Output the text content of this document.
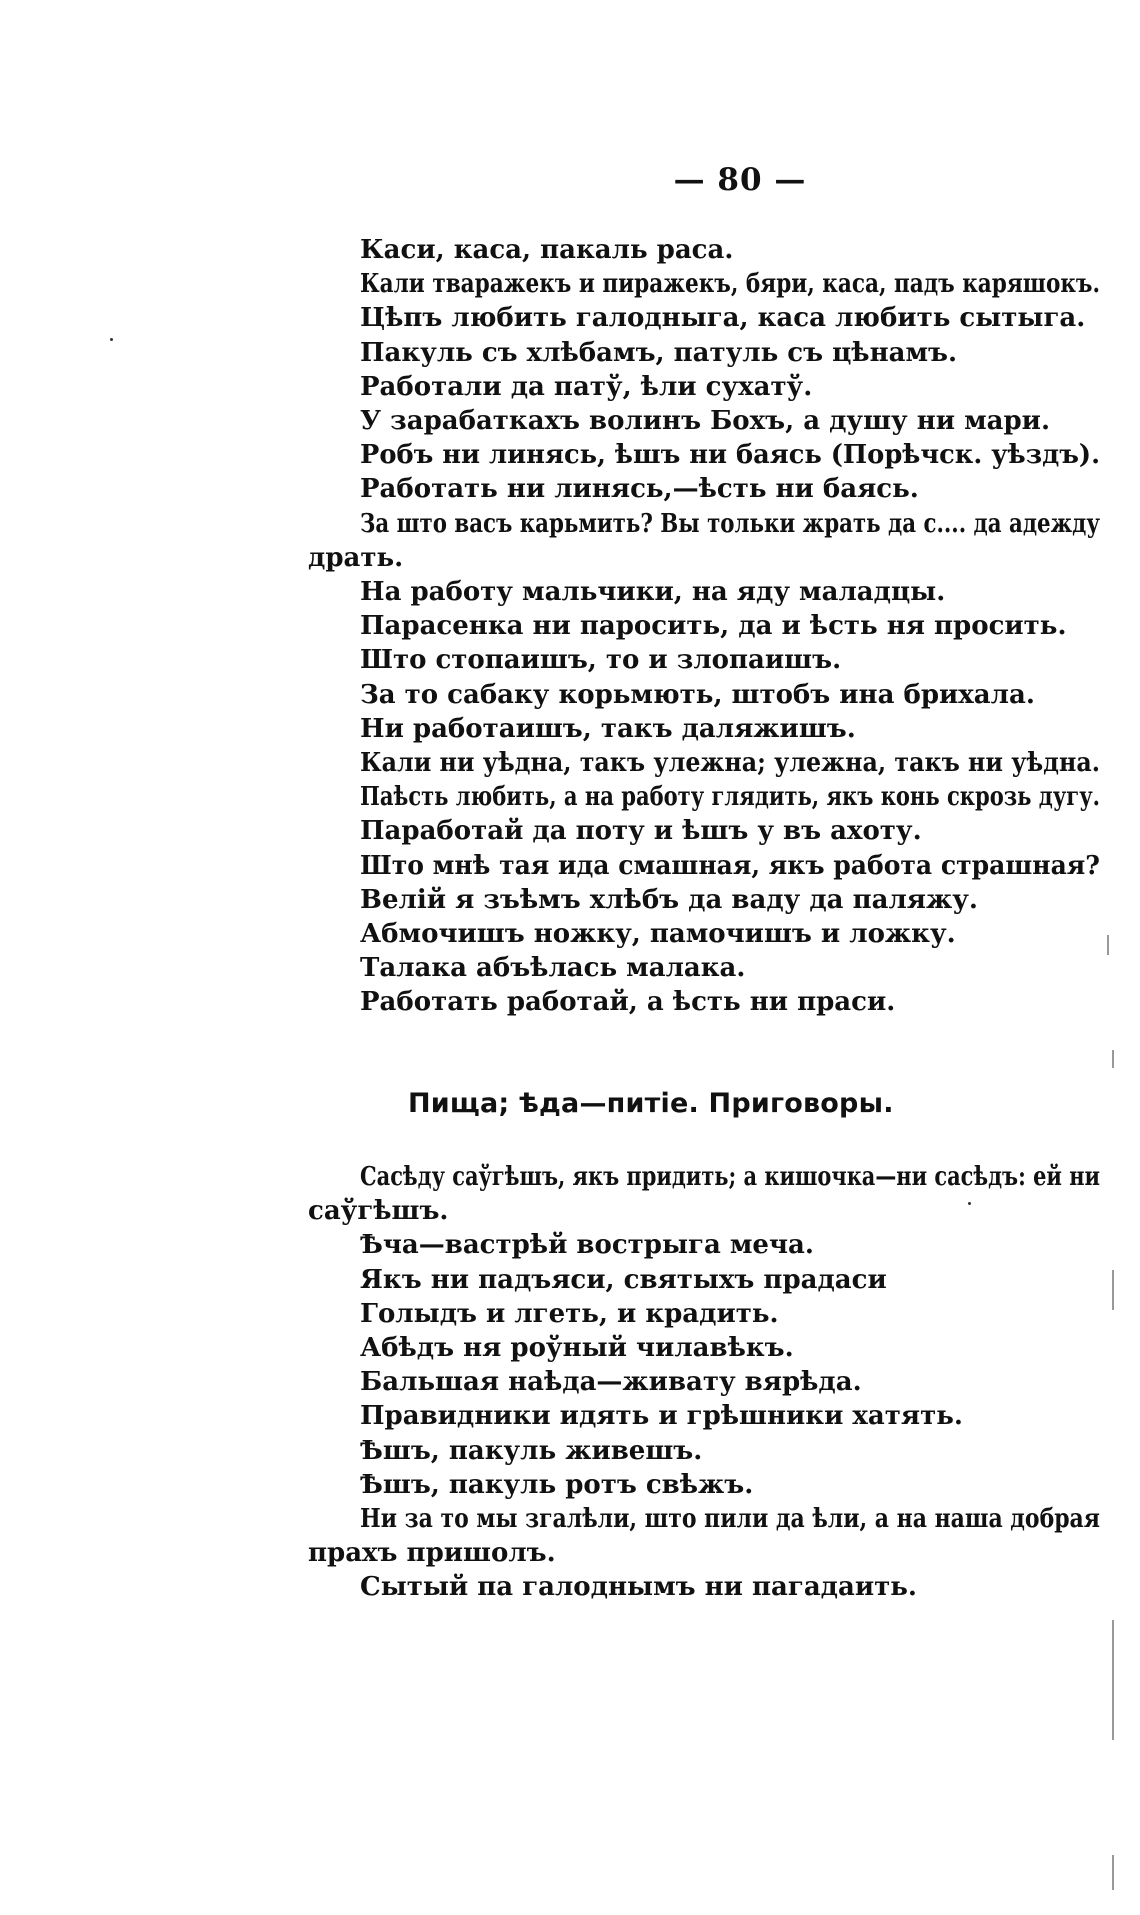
— 80 —
Каси, каса, пакаль раса.
Кали тваражекъ и пиражекъ, бяри, каса, падъ каряшокъ.
Цѣпъ любить галодныга, каса любить сытыга.
Пакуль съ хлѣбамъ, патуль съ цѣнамъ.
Работали да патў, ѣли сухатў.
У зарабаткахъ волинъ Бохъ, а душу ни мари.
Робъ ни линясь, ѣшъ ни баясь (Порѣчск. уѣздъ).
Работать ни линясь,—ѣсть ни баясь.
За што васъ карьмить? Вы тольки жрать да с.... да адежду
драть.
На работу мальчики, на яду маладцы.
Парасенка ни паросить, да и ѣсть ня просить.
Што стопаишъ, то и злопаишъ.
За то сабаку корьмють, штобъ ина брихала.
Ни работаишъ, такъ даляжишъ.
Кали ни уѣдна, такъ улежна; улежна, такъ ни уѣдна.
Паѣсть любить, а на работу глядить, якъ конь скрозь дугу.
Паработай да поту и ѣшъ у въ ахоту.
Што мнѣ тая ида смашная, якъ работа страшная?
Велій я зъѣмъ хлѣбъ да ваду да паляжу.
Абмочишъ ножку, памочишъ и ложку.
Талака абъѣлась малака.
Работать работай, а ѣсть ни праси.
Пища; ѣда—питіе. Приговоры.
Сасѣду саўгѣшъ, якъ придить; а кишочка—ни сасѣдъ: ей ни
саўгѣшъ.
Ѣча—вастрѣй вострыга меча.
Якъ ни падъяси, святыхъ прадаси
Голыдъ и лгеть, и крадить.
Абѣдъ ня роўный чилавѣкъ.
Бальшая наѣда—живату вярѣда.
Правидники идять и грѣшники хатять.
Ѣшъ, пакуль живешъ.
Ѣшъ, пакуль ротъ свѣжъ.
Ни за то мы згалѣли, што пили да ѣли, а на наша добрая
прахъ пришолъ.
Сытый па галоднымъ ни пагадаить.
